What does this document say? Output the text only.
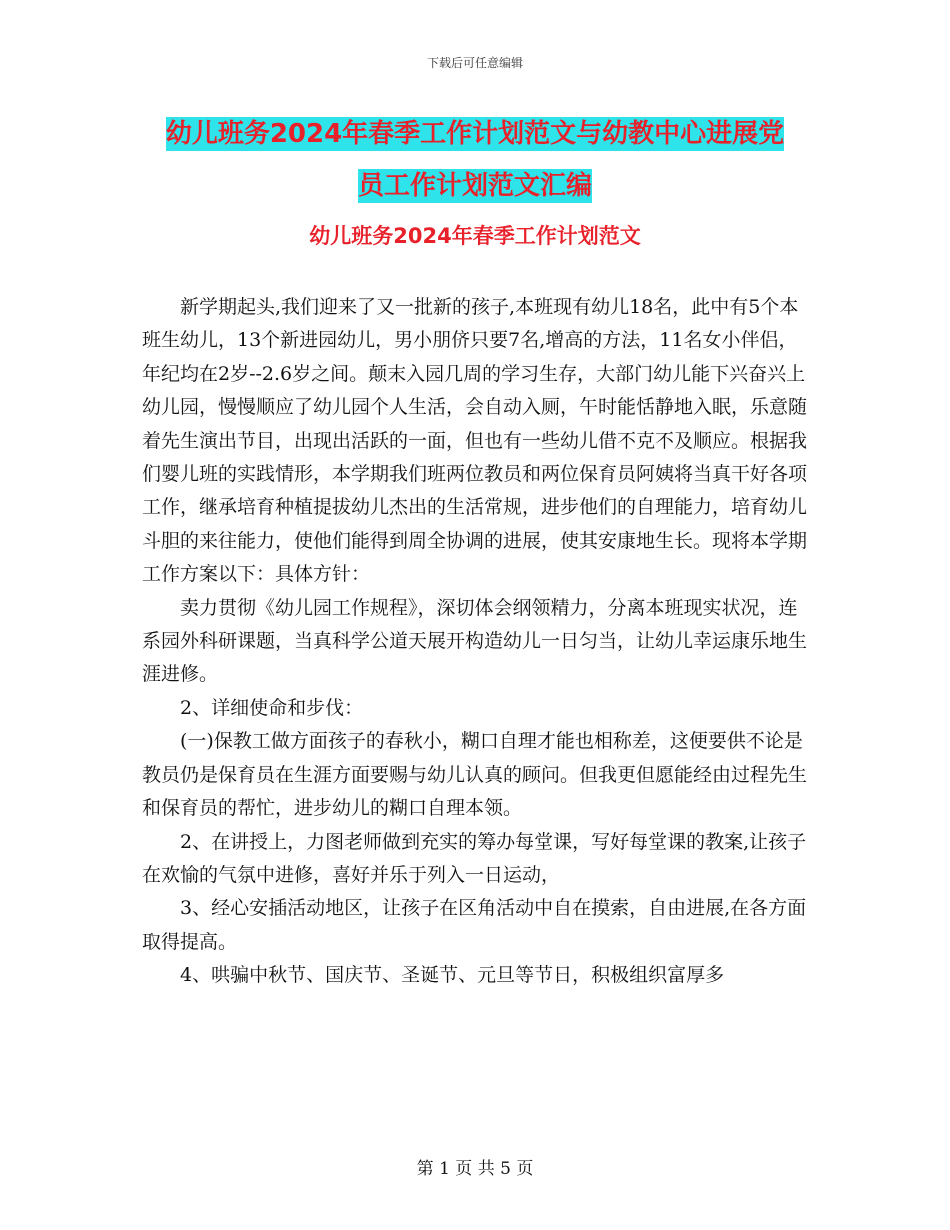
下载后可任意编辑
幼儿班务2024年春季工作计划范文与幼教中心进展党
员工作计划范文汇编
幼儿班务2024年春季工作计划范文

新学期起头,我们迎来了又一批新的孩子,本班现有幼儿18名，此中有5个本班生幼儿，13个新进园幼儿，男小朋侪只要7名,增高的方法，11名女小伴侣，年纪均在2岁--2.6岁之间。颠末入园几周的学习生存，大部门幼儿能下兴奋兴上幼儿园，慢慢顺应了幼儿园个人生活，会自动入厕，午时能恬静地入眠，乐意随着先生演出节目，出现出活跃的一面，但也有一些幼儿借不克不及顺应。根据我们婴儿班的实践情形，本学期我们班两位教员和两位保育员阿姨将当真干好各项工作，继承培育种植提拔幼儿杰出的生活常规，进步他们的自理能力，培育幼儿斗胆的来往能力，使他们能得到周全协调的进展，使其安康地生长。现将本学期工作方案以下：具体方针：

卖力贯彻《幼儿园工作规程》，深切体会纲领精力，分离本班现实状况，连系园外科研课题，当真科学公道天展开构造幼儿一日匀当，让幼儿幸运康乐地生涯进修。

2、详细使命和步伐：

(一)保教工做方面孩子的春秋小，糊口自理才能也相称差，这便要供不论是教员仍是保育员在生涯方面要赐与幼儿认真的顾问。但我更但愿能经由过程先生和保育员的帮忙，进步幼儿的糊口自理本领。

2、在讲授上，力图老师做到充实的筹办每堂课，写好每堂课的教案,让孩子在欢愉的气氛中进修，喜好并乐于列入一日运动，

3、经心安插活动地区，让孩子在区角活动中自在摸索，自由进展,在各方面取得提高。

4、哄骗中秋节、国庆节、圣诞节、元旦等节日，积极组织富厚多

第 1 页 共 5 页
